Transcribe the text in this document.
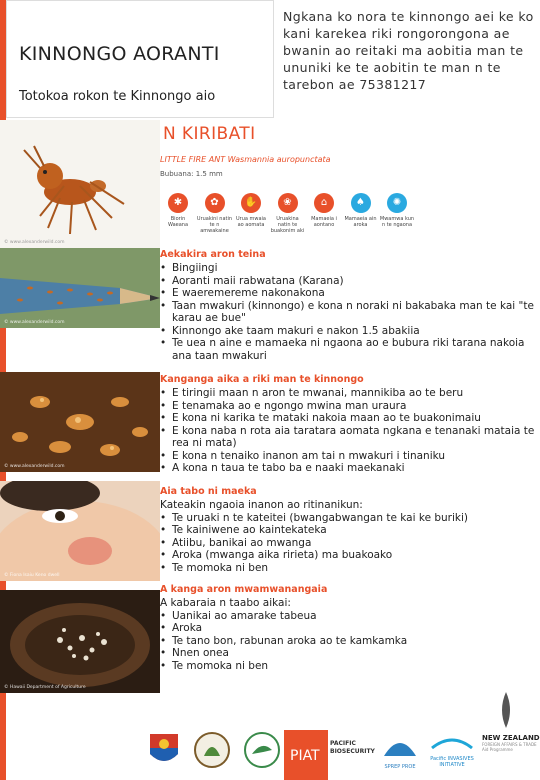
KINNONGO AORANTI
Totokoa rokon te Kinnongo aio
Ngkana ko nora te kinnongo aei ke ko kani karekea riki rongorongona ae bwanin ao reitaki ma aobitia man te ununiki ke te aobitin te man n te tarebon ae 75381217
N KIRIBATI
LITTLE FIRE ANT Wasmannia auropunctata
Bubuana: 1.5 mm
© www.alexanderwild.com
© www.alexanderwild.com
© www.alexanderwild.com
© Fiona Isaiu Keno dwell
© Hawaii Department of Agriculture
✱
Biorin Waeana
✿
Uruakini natin te n amwakaine
✋
Urua mwaia ao aomata
❀
Uruakina natin te buakonim aki
⌂
Mamaeia i aontano
♠
Mamaeia ain aroka
✺
Mwamwa kun n te ngaona
Aekakira aron teina
• Bingiingi
• Aoranti maii rabwatana (Karana)
• E waeremereme nakonakona
• Taan mwakuri (kinnongo) e kona n noraki ni bakabaka man te kai "te karau ae bue"
• Kinnongo ake taam makuri e nakon 1.5 abakiia
• Te uea n aine e mamaeka ni ngaona ao e bubura riki tarana nakoia ana taan mwakuri
Kanganga aika a riki man te kinnongo
• E tiringii maan n aron te mwanai, mannikiba ao te beru
• E tenamaka ao e ngongo mwina man uraura
• E kona ni karika te mataki nakoia maan ao te buakonimaiu
• E kona naba n rota aia taratara aomata ngkana e tenanaki mataia te rea ni mata)
• E kona n tenaiko inanon am tai n mwakuri i tinaniku
• A kona n taua te tabo ba e naaki maekanaki
Aia tabo ni maeka
Kateakin ngaoia inanon ao ritinanikun:
• Te uruaki n te kateitei (bwangabwangan te kai ke buriki)
• Te kainiwene ao kaintekateka
• Atiibu, banikai ao mwanga
• Aroka (mwanga aika ririeta) ma buakoako
• Te momoka ni ben
A kanga aron mwamwanangaia
A kabaraia n taabo aikai:
• Uanikai ao amarake tabeua
• Aroka
• Te tano bon, rabunan aroka ao te kamkamka
• Nnen onea
• Te momoka ni ben
PIAT
PACIFIC BIOSECURITY
SPREP PROE
Pacific INVASIVES INITIATIVE
NEW ZEALAND
FOREIGN AFFAIRS & TRADE Aid Programme
